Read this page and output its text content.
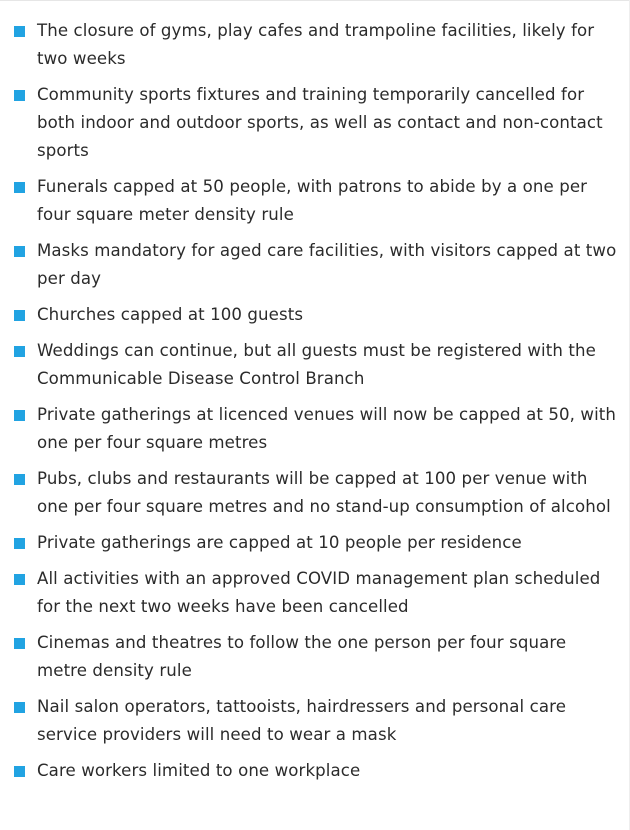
The closure of gyms, play cafes and trampoline facilities, likely for two weeks
Community sports fixtures and training temporarily cancelled for both indoor and outdoor sports, as well as contact and non-contact sports
Funerals capped at 50 people, with patrons to abide by a one per four square meter density rule
Masks mandatory for aged care facilities, with visitors capped at two per day
Churches capped at 100 guests
Weddings can continue, but all guests must be registered with the Communicable Disease Control Branch
Private gatherings at licenced venues will now be capped at 50, with one per four square metres
Pubs, clubs and restaurants will be capped at 100 per venue with one per four square metres and no stand-up consumption of alcohol
Private gatherings are capped at 10 people per residence
All activities with an approved COVID management plan scheduled for the next two weeks have been cancelled
Cinemas and theatres to follow the one person per four square metre density rule
Nail salon operators, tattooists, hairdressers and personal care service providers will need to wear a mask
Care workers limited to one workplace
